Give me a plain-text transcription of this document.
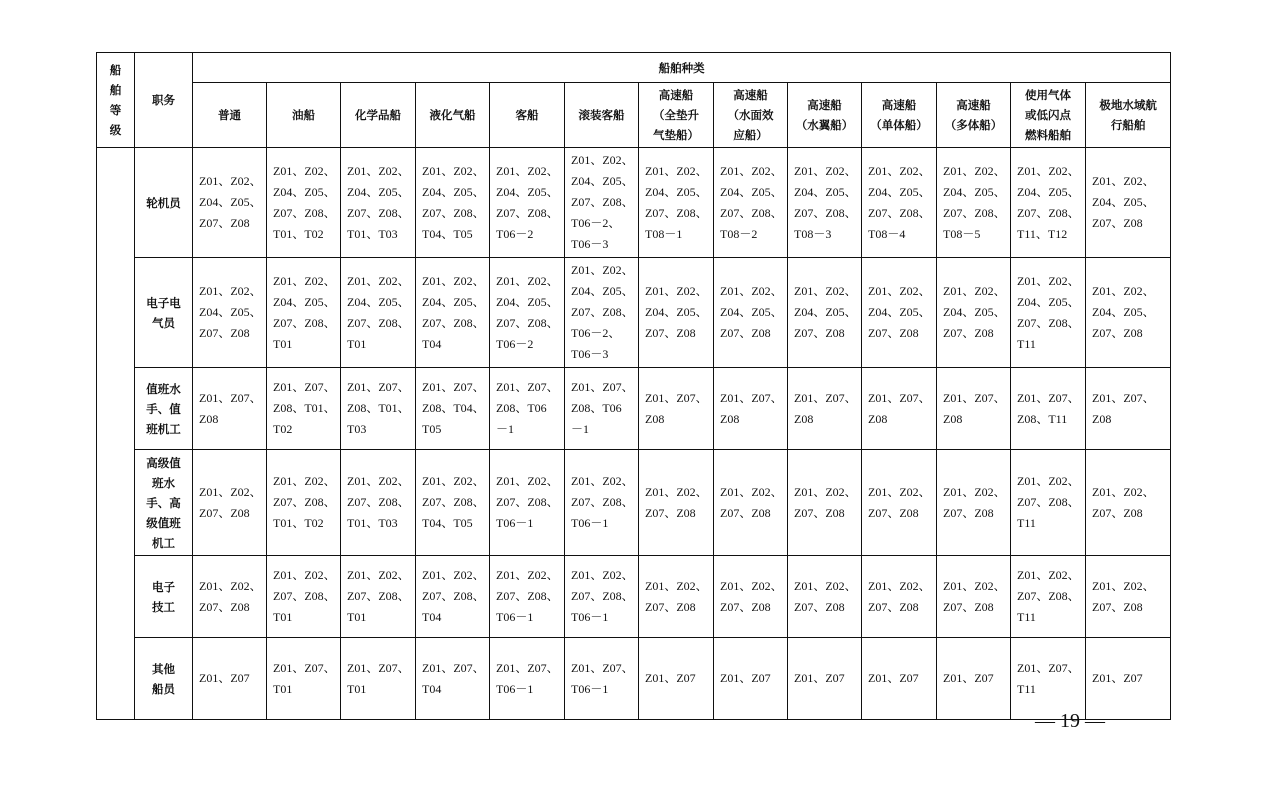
船
舶
等
级	职务	船舶种类												
		普通	油船	化学品船	液化气船	客船	滚装客船	高速船
（全垫升
气垫船）	高速船
（水面效
应船）	高速船
（水翼船）	高速船
（单体船）	高速船
（多体船）	使用气体
或低闪点
燃料船舶	极地水域航
行船舶
	轮机员	Z01、Z02、
Z04、Z05、
Z07、Z08	Z01、Z02、
Z04、Z05、
Z07、Z08、
T01、T02	Z01、Z02、
Z04、Z05、
Z07、Z08、
T01、T03	Z01、Z02、
Z04、Z05、
Z07、Z08、
T04、T05	Z01、Z02、
Z04、Z05、
Z07、Z08、
T06－2	Z01、Z02、
Z04、Z05、
Z07、Z08、
T06－2、
T06－3	Z01、Z02、
Z04、Z05、
Z07、Z08、
T08－1	Z01、Z02、
Z04、Z05、
Z07、Z08、
T08－2	Z01、Z02、
Z04、Z05、
Z07、Z08、
T08－3	Z01、Z02、
Z04、Z05、
Z07、Z08、
T08－4	Z01、Z02、
Z04、Z05、
Z07、Z08、
T08－5	Z01、Z02、
Z04、Z05、
Z07、Z08、
T11、T12	Z01、Z02、
Z04、Z05、
Z07、Z08
	电子电
气员	Z01、Z02、
Z04、Z05、
Z07、Z08	Z01、Z02、
Z04、Z05、
Z07、Z08、
T01	Z01、Z02、
Z04、Z05、
Z07、Z08、
T01	Z01、Z02、
Z04、Z05、
Z07、Z08、
T04	Z01、Z02、
Z04、Z05、
Z07、Z08、
T06－2	Z01、Z02、
Z04、Z05、
Z07、Z08、
T06－2、
T06－3	Z01、Z02、
Z04、Z05、
Z07、Z08	Z01、Z02、
Z04、Z05、
Z07、Z08	Z01、Z02、
Z04、Z05、
Z07、Z08	Z01、Z02、
Z04、Z05、
Z07、Z08	Z01、Z02、
Z04、Z05、
Z07、Z08	Z01、Z02、
Z04、Z05、
Z07、Z08、
T11	Z01、Z02、
Z04、Z05、
Z07、Z08
	值班水
手、值
班机工	Z01、Z07、
Z08	Z01、Z07、
Z08、T01、
T02	Z01、Z07、
Z08、T01、
T03	Z01、Z07、
Z08、T04、
T05	Z01、Z07、
Z08、T06
－1	Z01、Z07、
Z08、T06
－1	Z01、Z07、
Z08	Z01、Z07、
Z08	Z01、Z07、
Z08	Z01、Z07、
Z08	Z01、Z07、
Z08	Z01、Z07、
Z08、T11	Z01、Z07、
Z08
	高级值
班水
手、高
级值班
机工	Z01、Z02、
Z07、Z08	Z01、Z02、
Z07、Z08、
T01、T02	Z01、Z02、
Z07、Z08、
T01、T03	Z01、Z02、
Z07、Z08、
T04、T05	Z01、Z02、
Z07、Z08、
T06－1	Z01、Z02、
Z07、Z08、
T06－1	Z01、Z02、
Z07、Z08	Z01、Z02、
Z07、Z08	Z01、Z02、
Z07、Z08	Z01、Z02、
Z07、Z08	Z01、Z02、
Z07、Z08	Z01、Z02、
Z07、Z08、
T11	Z01、Z02、
Z07、Z08
	电子
技工	Z01、Z02、
Z07、Z08	Z01、Z02、
Z07、Z08、
T01	Z01、Z02、
Z07、Z08、
T01	Z01、Z02、
Z07、Z08、
T04	Z01、Z02、
Z07、Z08、
T06－1	Z01、Z02、
Z07、Z08、
T06－1	Z01、Z02、
Z07、Z08	Z01、Z02、
Z07、Z08	Z01、Z02、
Z07、Z08	Z01、Z02、
Z07、Z08	Z01、Z02、
Z07、Z08	Z01、Z02、
Z07、Z08、
T11	Z01、Z02、
Z07、Z08
	其他
船员	Z01、Z07	Z01、Z07、
T01	Z01、Z07、
T01	Z01、Z07、
T04	Z01、Z07、
T06－1	Z01、Z07、
T06－1	Z01、Z07	Z01、Z07	Z01、Z07	Z01、Z07	Z01、Z07	Z01、Z07、
T11	Z01、Z07
— 19 —
